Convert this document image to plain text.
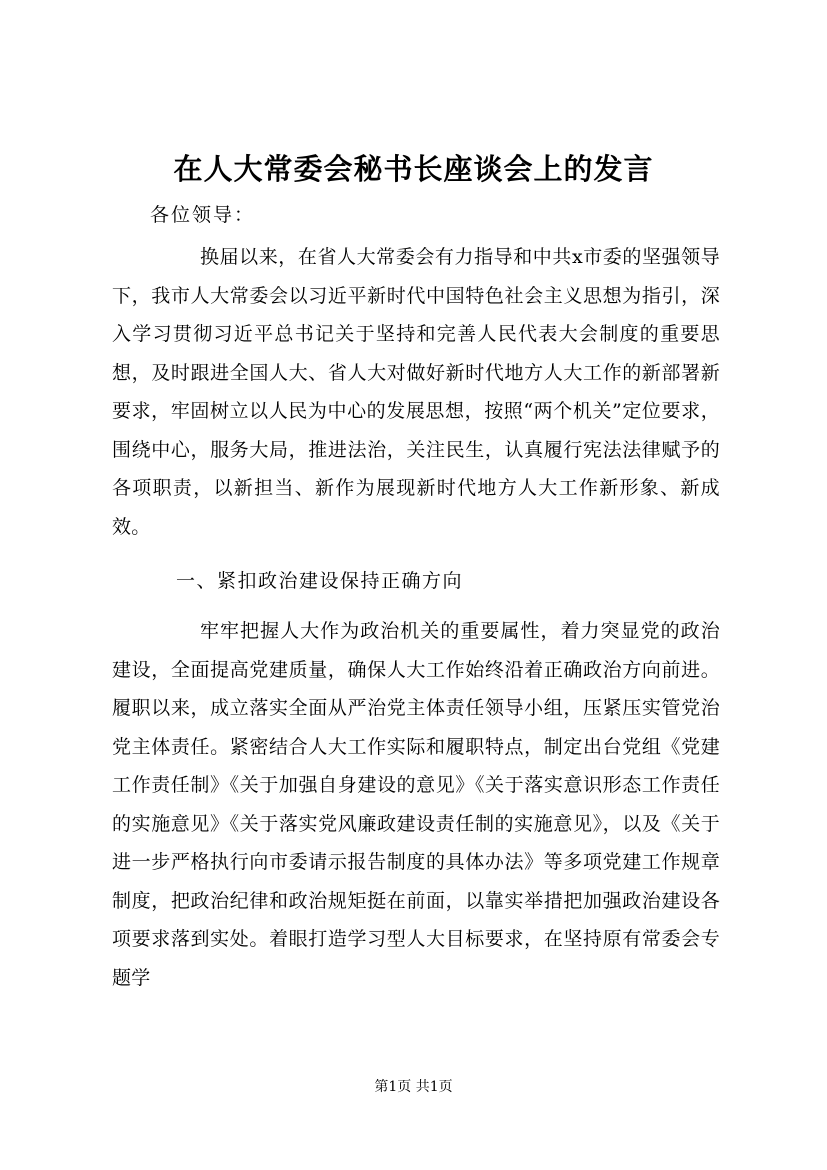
在人大常委会秘书长座谈会上的发言

各位领导：

换届以来，在省人大常委会有力指导和中共x市委的坚强领导下，我市人大常委会以习近平新时代中国特色社会主义思想为指引，深入学习贯彻习近平总书记关于坚持和完善人民代表大会制度的重要思想，及时跟进全国人大、省人大对做好新时代地方人大工作的新部署新要求，牢固树立以人民为中心的发展思想，按照“两个机关”定位要求，围绕中心，服务大局，推进法治，关注民生，认真履行宪法法律赋予的各项职责，以新担当、新作为展现新时代地方人大工作新形象、新成效。

一、紧扣政治建设保持正确方向

牢牢把握人大作为政治机关的重要属性，着力突显党的政治建设，全面提高党建质量，确保人大工作始终沿着正确政治方向前进。履职以来，成立落实全面从严治党主体责任领导小组，压紧压实管党治党主体责任。紧密结合人大工作实际和履职特点，制定出台党组《党建工作责任制》《关于加强自身建设的意见》《关于落实意识形态工作责任的实施意见》《关于落实党风廉政建设责任制的实施意见》，以及《关于进一步严格执行向市委请示报告制度的具体办法》等多项党建工作规章制度，把政治纪律和政治规矩挺在前面，以靠实举措把加强政治建设各项要求落到实处。着眼打造学习型人大目标要求，在坚持原有常委会专题学

第1页 共1页
